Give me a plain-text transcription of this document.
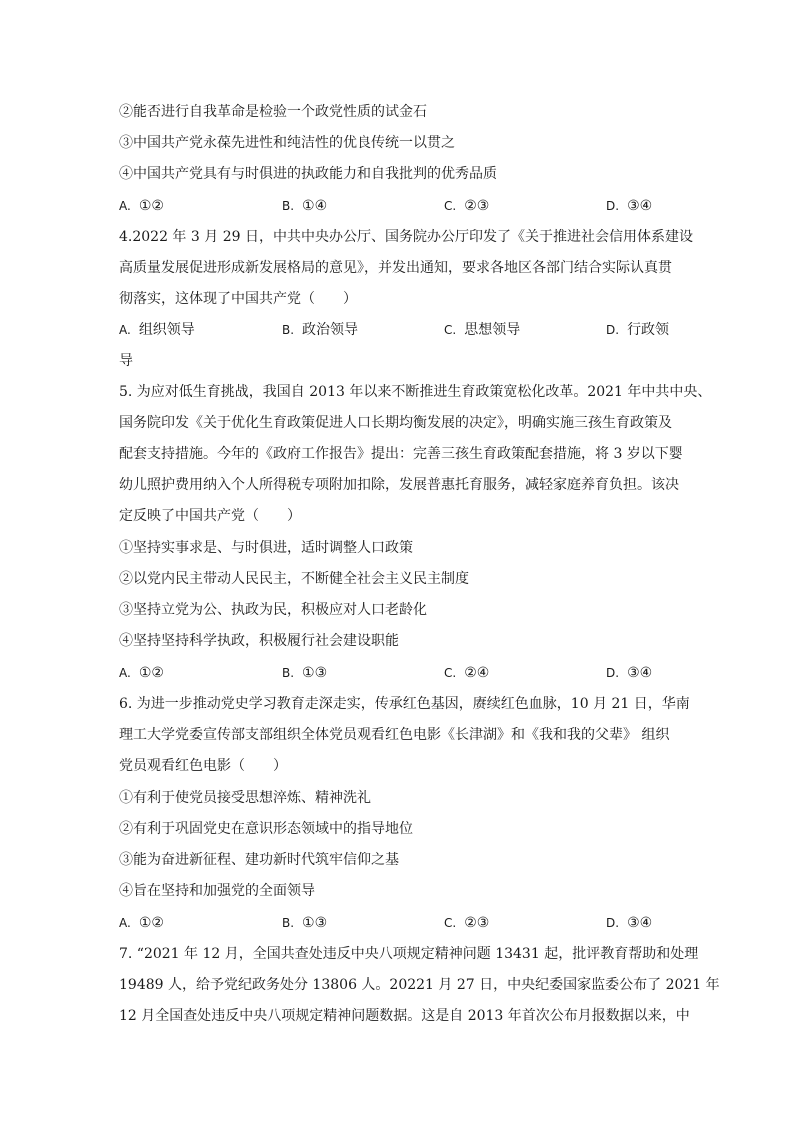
②能否进行自我革命是检验一个政党性质的试金石
③中国共产党永葆先进性和纯洁性的优良传统一以贯之
④中国共产党具有与时俱进的执政能力和自我批判的优秀品质
A. ①②	B. ①④	C. ②③	D. ③④
4.2022 年 3 月 29 日，中共中央办公厅、国务院办公厅印发了《关于推进社会信用体系建设
高质量发展促进形成新发展格局的意见》，并发出通知，要求各地区各部门结合实际认真贯
彻落实，这体现了中国共产党（　　）
A. 组织领导	B. 政治领导	C. 思想领导	D. 行政领
导
5. 为应对低生育挑战，我国自 2013 年以来不断推进生育政策宽松化改革。2021 年中共中央、
国务院印发《关于优化生育政策促进人口长期均衡发展的决定》，明确实施三孩生育政策及
配套支持措施。今年的《政府工作报告》提出：完善三孩生育政策配套措施，将 3 岁以下婴
幼儿照护费用纳入个人所得税专项附加扣除，发展普惠托育服务，减轻家庭养育负担。该决
定反映了中国共产党（　　）
①坚持实事求是、与时俱进，适时调整人口政策
②以党内民主带动人民民主，不断健全社会主义民主制度
③坚持立党为公、执政为民，积极应对人口老龄化
④坚持坚持科学执政，积极履行社会建设职能
A. ①②	B. ①③	C. ②④	D. ③④
6. 为进一步推动党史学习教育走深走实，传承红色基因，赓续红色血脉，10 月 21 日，华南
理工大学党委宣传部支部组织全体党员观看红色电影《长津湖》和《我和我的父辈》 组织
党员观看红色电影（　　）
①有利于使党员接受思想淬炼、精神洗礼
②有利于巩固党史在意识形态领域中的指导地位
③能为奋进新征程、建功新时代筑牢信仰之基
④旨在坚持和加强党的全面领导
A. ①②	B. ①③	C. ②③	D. ③④
7. “2021 年 12 月，全国共查处违反中央八项规定精神问题 13431 起，批评教育帮助和处理
19489 人，给予党纪政务处分 13806 人。20221 月 27 日，中央纪委国家监委公布了 2021 年
12 月全国查处违反中央八项规定精神问题数据。这是自 2013 年首次公布月报数据以来，中
